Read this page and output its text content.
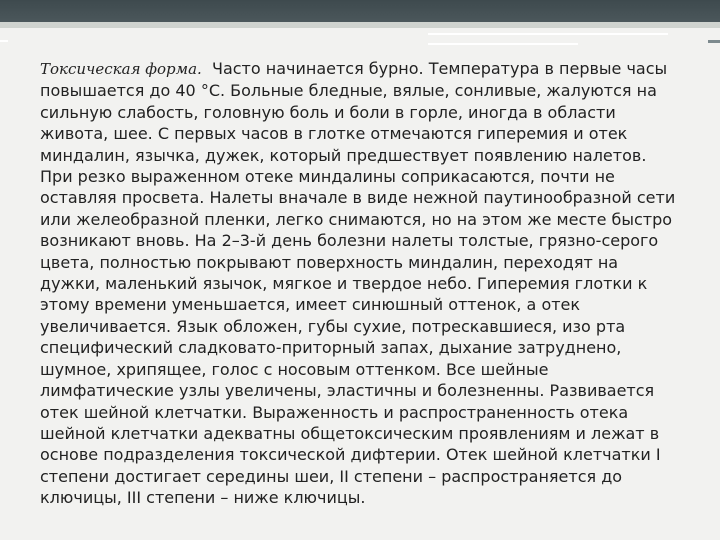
Токсическая форма. Часто начинается бурно. Температура в первые часы повышается до 40 °С. Больные бледные, вялые, сонливые, жалуются на сильную слабость, головную боль и боли в горле, иногда в области живота, шее. С первых часов в глотке отмечаются гиперемия и отек миндалин, язычка, дужек, который предшествует появлению налетов. При резко выраженном отеке миндалины соприкасаются, почти не оставляя просвета. Налеты вначале в виде нежной паутинообразной сети или желеобразной пленки, легко снимаются, но на этом же месте быстро возникают вновь. На 2–3-й день болезни налеты толстые, грязно-серого цвета, полностью покрывают поверхность миндалин, переходят на дужки, маленький язычок, мягкое и твердое небо. Гиперемия глотки к этому времени уменьшается, имеет синюшный оттенок, а отек увеличивается. Язык обложен, губы сухие, потрескавшиеся, изо рта специфический сладковато-приторный запах, дыхание затруднено, шумное, хрипящее, голос с носовым оттенком. Все шейные лимфатические узлы увеличены, эластичны и болезненны. Развивается отек шейной клетчатки. Выраженность и распространенность отека шейной клетчатки адекватны общетоксическим проявлениям и лежат в основе подразделения токсической дифтерии. Отек шейной клетчатки I степени достигает середины шеи, II степени – распространяется до ключицы, III степени – ниже ключицы.
